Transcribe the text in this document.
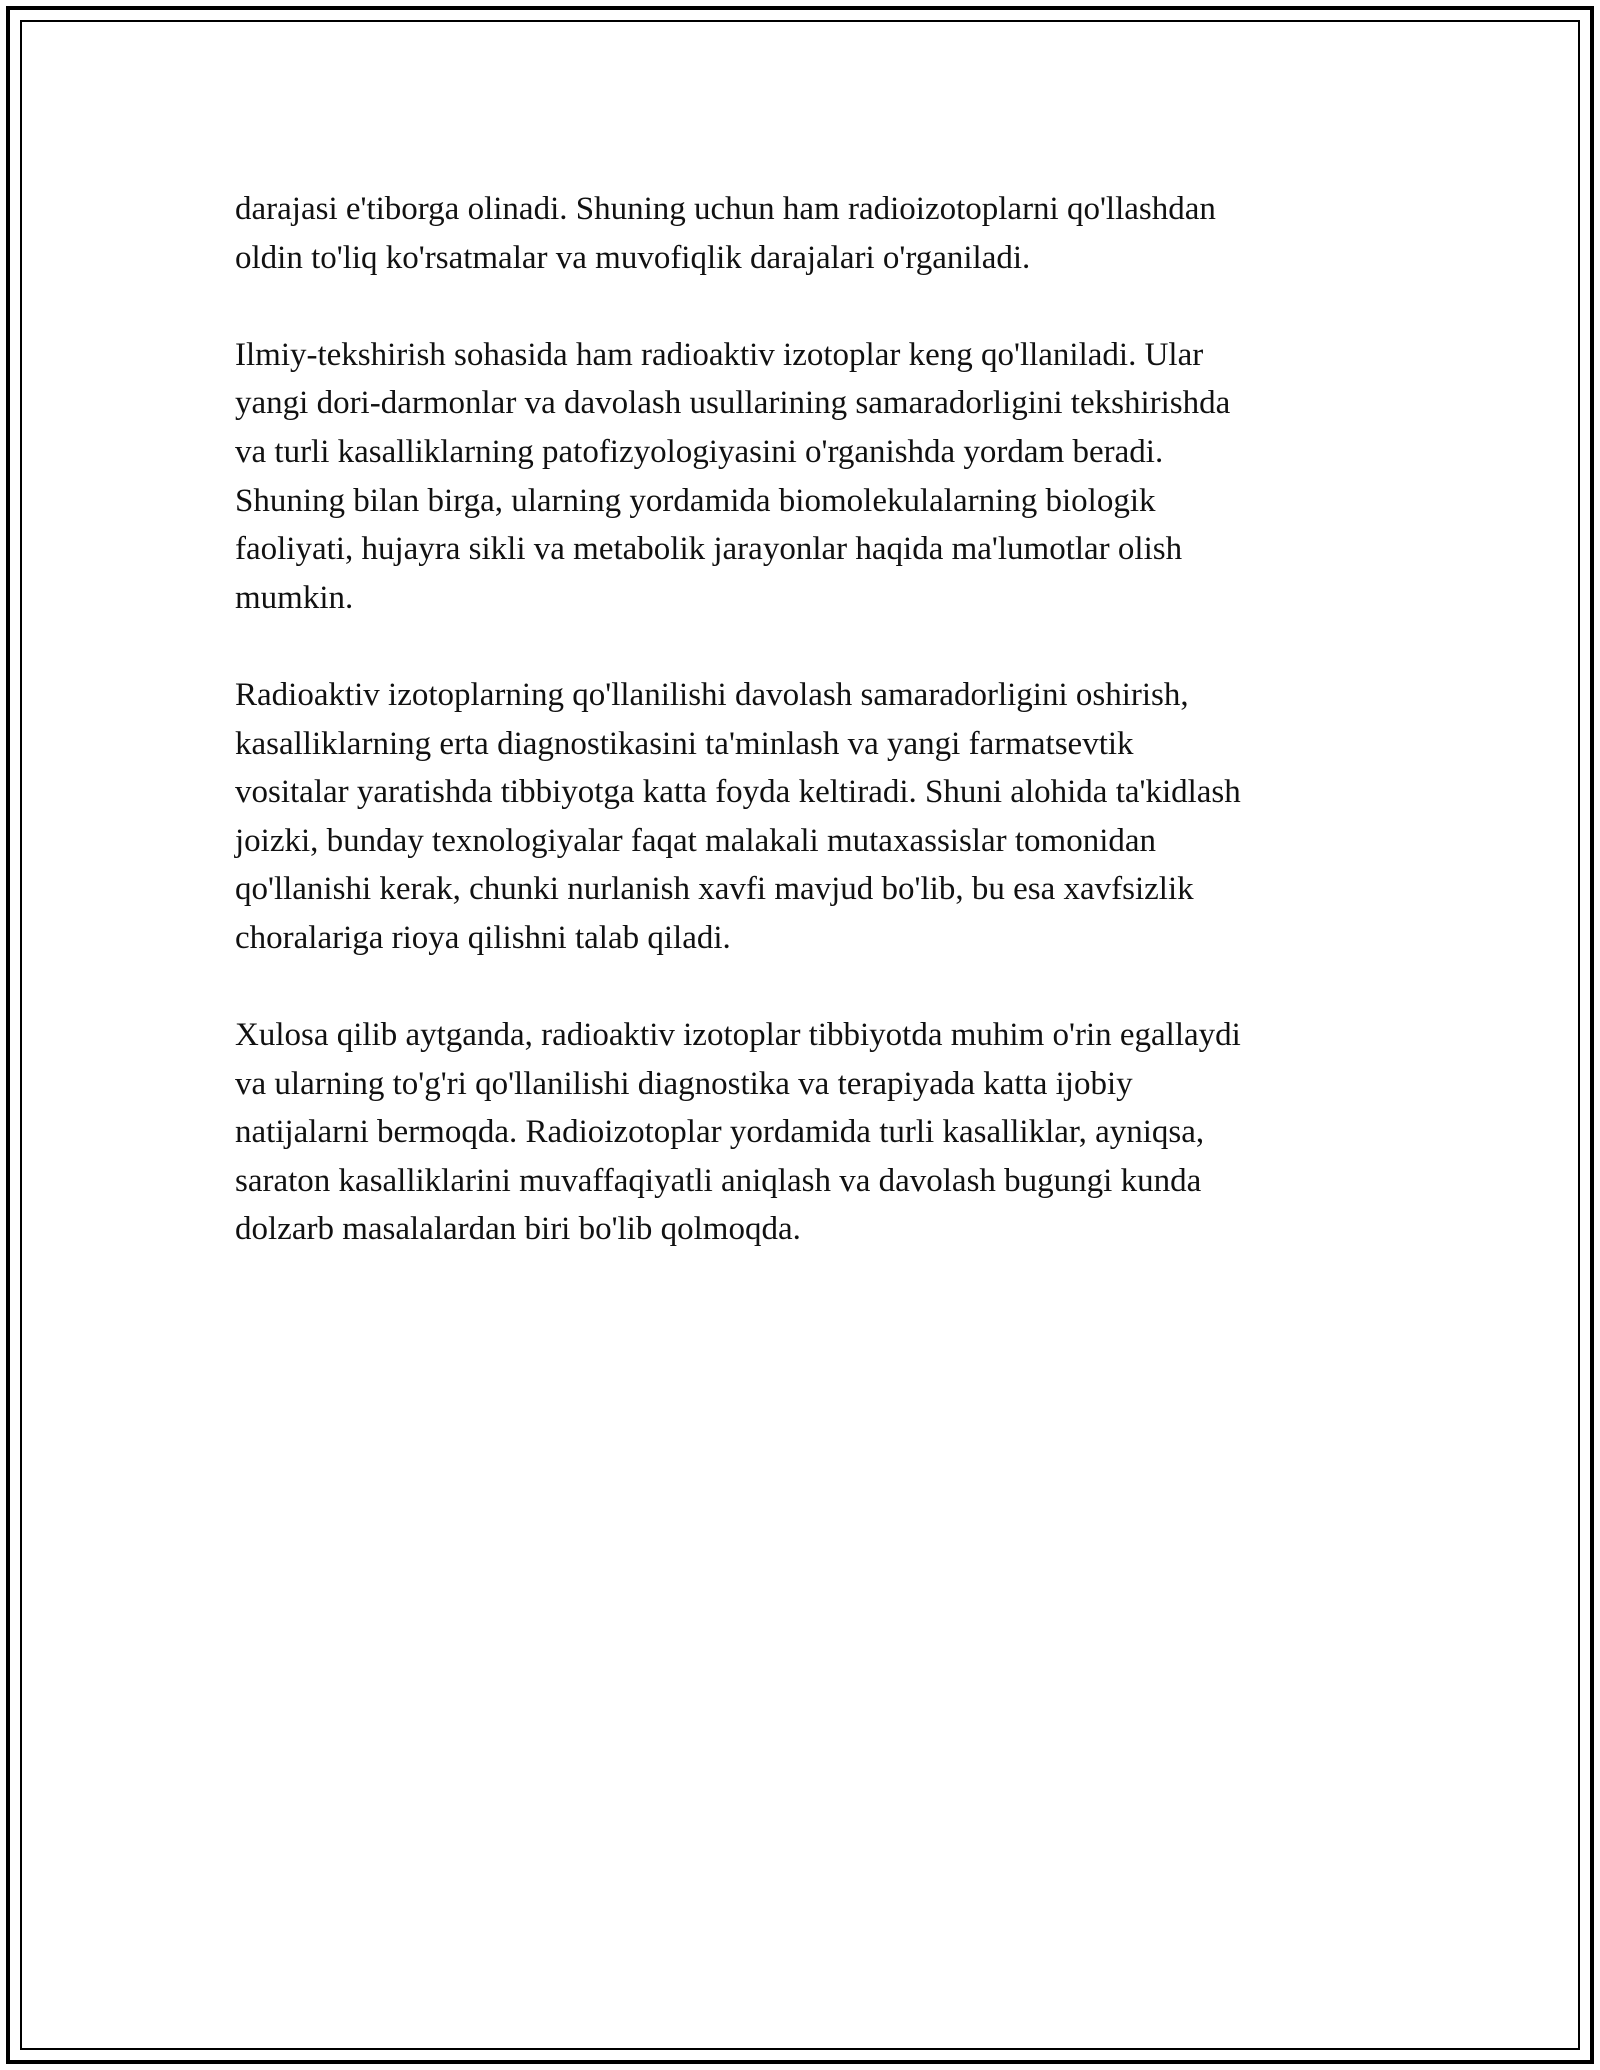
darajasi e'tiborga olinadi. Shuning uchun ham radioizotoplarni qo'llashdan
oldin to'liq ko'rsatmalar va muvofiqlik darajalari o'rganiladi.

Ilmiy-tekshirish sohasida ham radioaktiv izotoplar keng qo'llaniladi. Ular
yangi dori-darmonlar va davolash usullarining samaradorligini tekshirishda
va turli kasalliklarning patofizyologiyasini o'rganishda yordam beradi.
Shuning bilan birga, ularning yordamida biomolekulalarning biologik
faoliyati, hujayra sikli va metabolik jarayonlar haqida ma'lumotlar olish
mumkin.

Radioaktiv izotoplarning qo'llanilishi davolash samaradorligini oshirish,
kasalliklarning erta diagnostikasini ta'minlash va yangi farmatsevtik
vositalar yaratishda tibbiyotga katta foyda keltiradi. Shuni alohida ta'kidlash
joizki, bunday texnologiyalar faqat malakali mutaxassislar tomonidan
qo'llanishi kerak, chunki nurlanish xavfi mavjud bo'lib, bu esa xavfsizlik
choralariga rioya qilishni talab qiladi.

Xulosa qilib aytganda, radioaktiv izotoplar tibbiyotda muhim o'rin egallaydi
va ularning to'g'ri qo'llanilishi diagnostika va terapiyada katta ijobiy
natijalarni bermoqda. Radioizotoplar yordamida turli kasalliklar, ayniqsa,
saraton kasalliklarini muvaffaqiyatli aniqlash va davolash bugungi kunda
dolzarb masalalardan biri bo'lib qolmoqda.
